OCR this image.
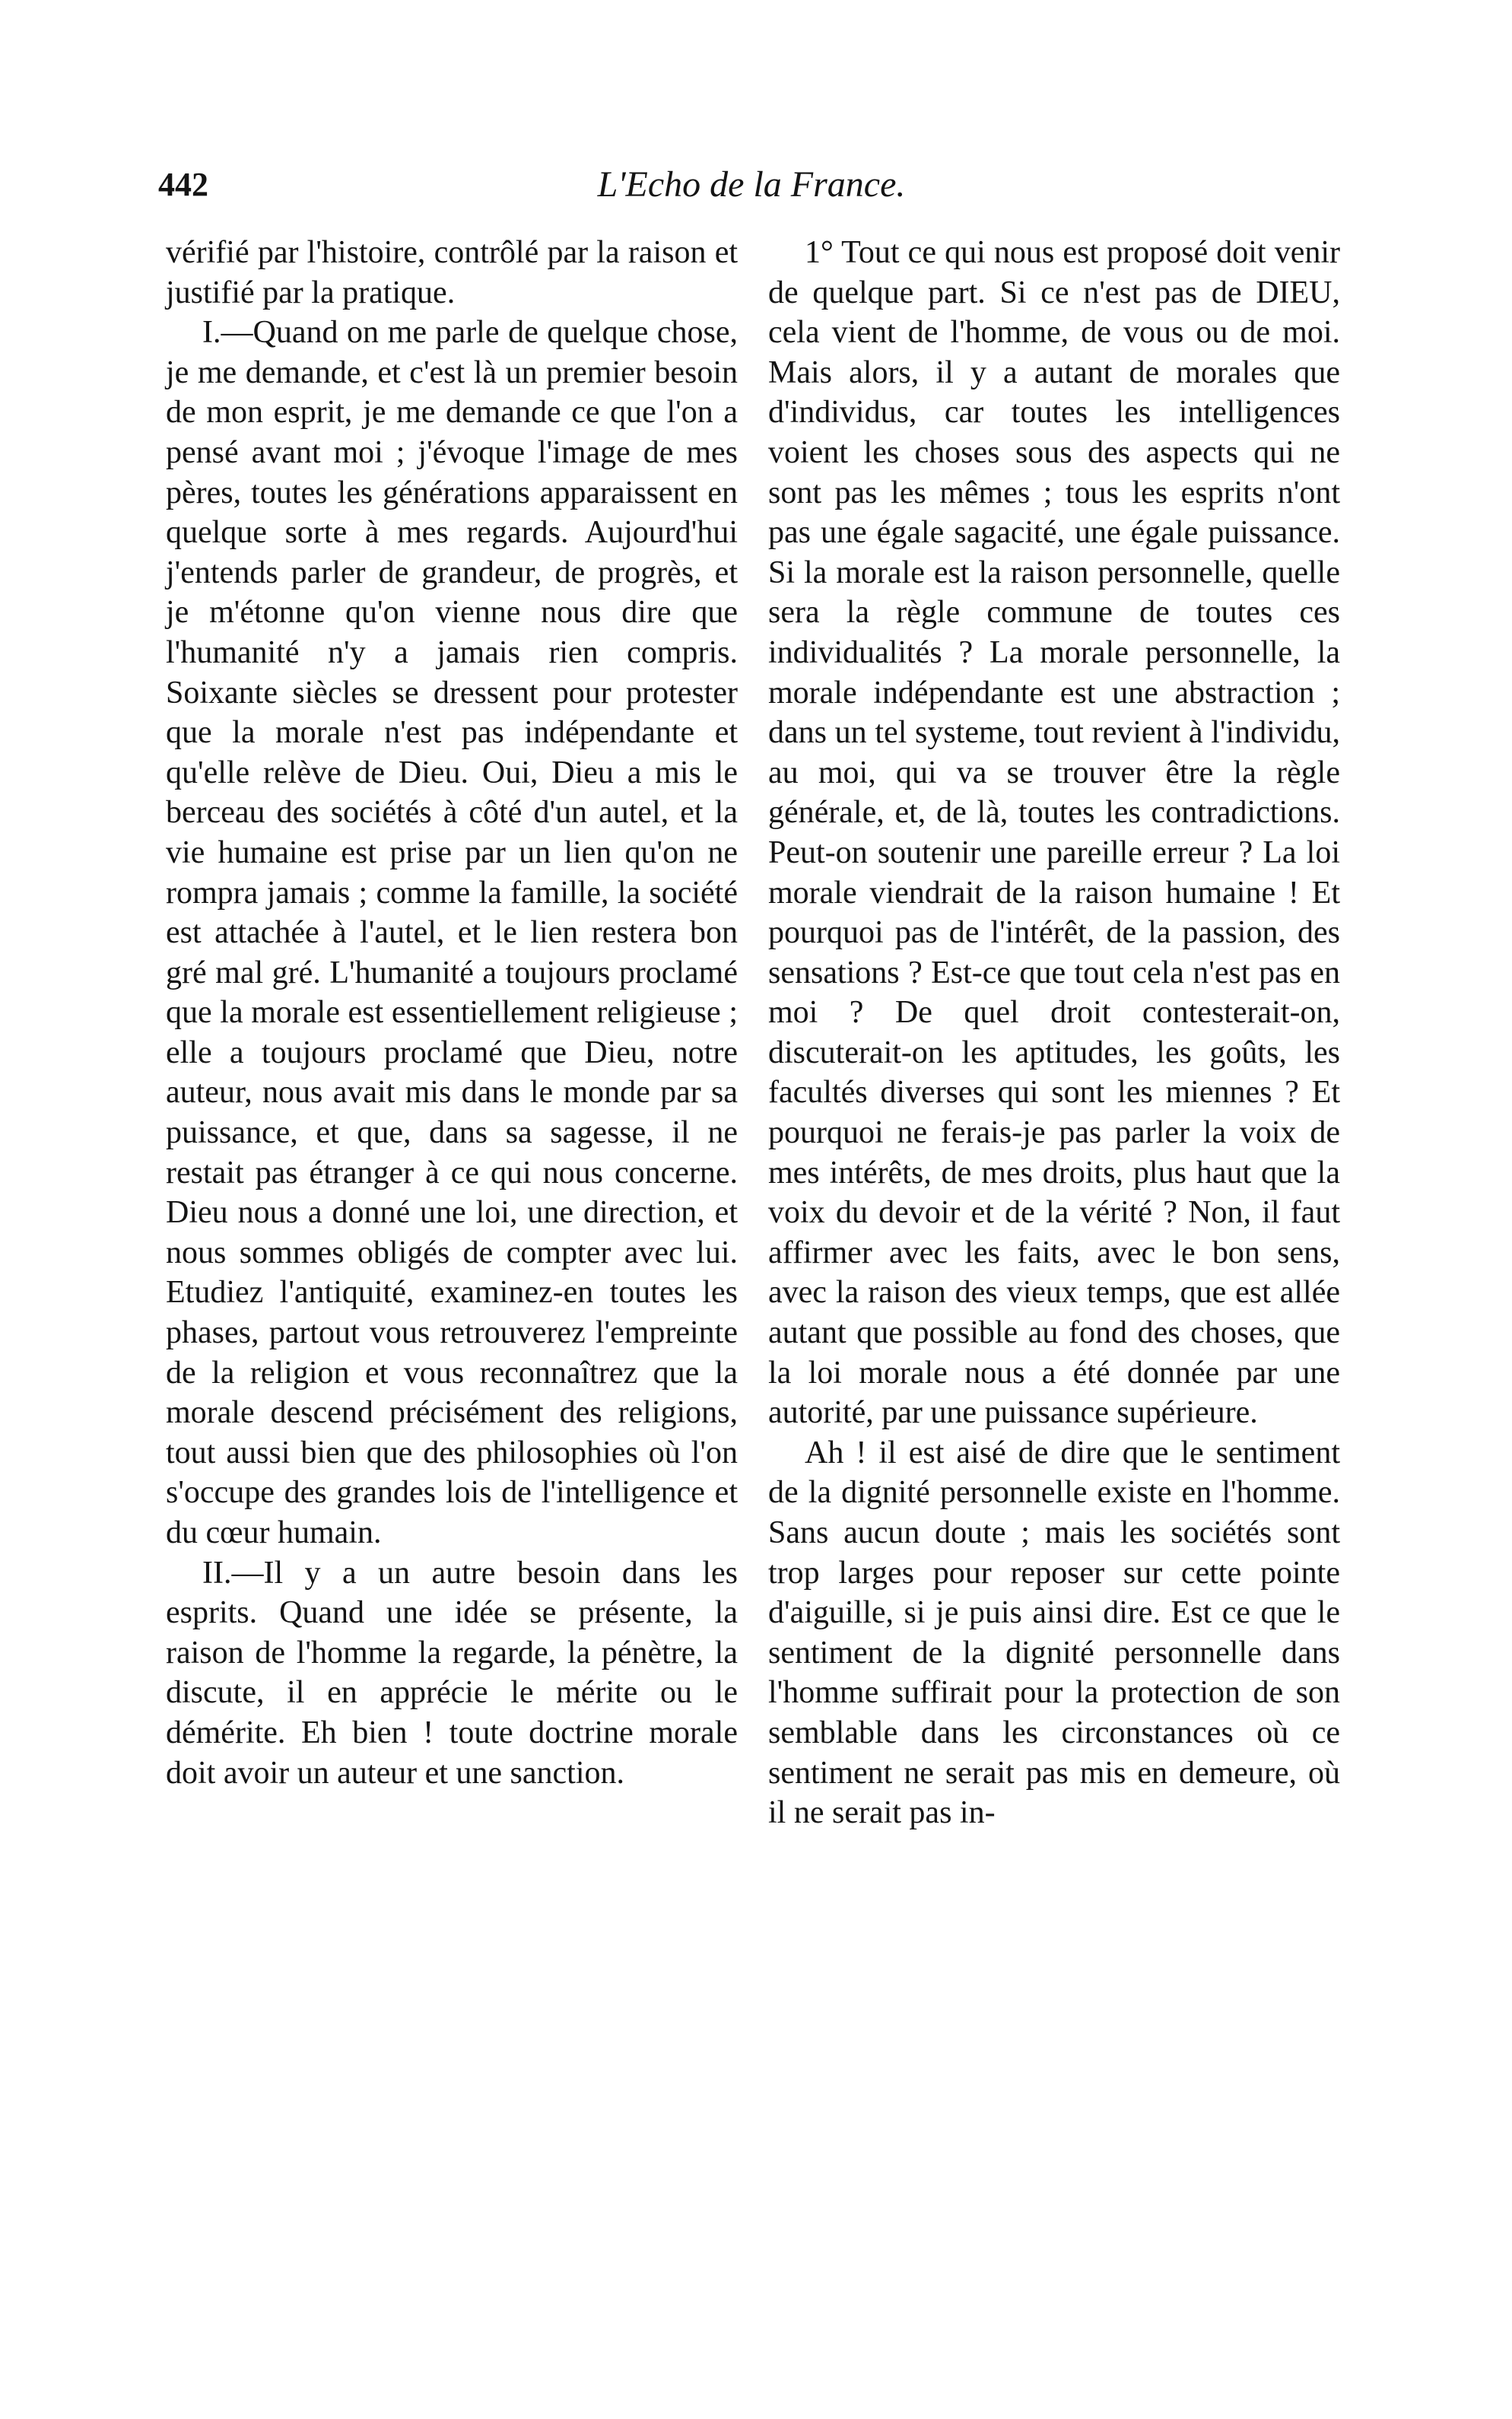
442	L'Echo de la France.

vérifié par l'histoire, contrôlé par la raison et justifié par la pratique.

I.—Quand on me parle de quelque chose, je me demande, et c'est là un premier besoin de mon esprit, je me demande ce que l'on a pensé avant moi ; j'évoque l'image de mes pères, toutes les générations apparaissent en quelque sorte à mes regards. Aujourd'hui j'entends parler de grandeur, de progrès, et je m'étonne qu'on vienne nous dire que l'humanité n'y a jamais rien compris. Soixante siècles se dressent pour protester que la morale n'est pas indépendante et qu'elle relève de Dieu. Oui, Dieu a mis le berceau des sociétés à côté d'un autel, et la vie humaine est prise par un lien qu'on ne rompra jamais ; comme la famille, la société est attachée à l'autel, et le lien restera bon gré mal gré. L'humanité a toujours proclamé que la morale est essentiellement religieuse ; elle a toujours proclamé que Dieu, notre auteur, nous avait mis dans le monde par sa puissance, et que, dans sa sagesse, il ne restait pas étranger à ce qui nous concerne. Dieu nous a donné une loi, une direction, et nous sommes obligés de compter avec lui. Etudiez l'antiquité, examinez-en toutes les phases, partout vous retrouverez l'empreinte de la religion et vous reconnaîtrez que la morale descend précisément des religions, tout aussi bien que des philosophies où l'on s'occupe des grandes lois de l'intelligence et du cœur humain.

II.—Il y a un autre besoin dans les esprits. Quand une idée se présente, la raison de l'homme la regarde, la pénètre, la discute, il en apprécie le mérite ou le démérite. Eh bien ! toute doctrine morale doit avoir un auteur et une sanction.

1° Tout ce qui nous est proposé doit venir de quelque part. Si ce n'est pas de DIEU, cela vient de l'homme, de vous ou de moi. Mais alors, il y a autant de morales que d'individus, car toutes les intelligences voient les choses sous des aspects qui ne sont pas les mêmes ; tous les esprits n'ont pas une égale sagacité, une égale puissance. Si la morale est la raison personnelle, quelle sera la règle commune de toutes ces individualités ? La morale personnelle, la morale indépendante est une abstraction ; dans un tel systeme, tout revient à l'individu, au moi, qui va se trouver être la règle générale, et, de là, toutes les contradictions. Peut-on soutenir une pareille erreur ? La loi morale viendrait de la raison humaine ! Et pourquoi pas de l'intérêt, de la passion, des sensations ? Est-ce que tout cela n'est pas en moi ? De quel droit contesterait-on, discuterait-on les aptitudes, les goûts, les facultés diverses qui sont les miennes ? Et pourquoi ne ferais-je pas parler la voix de mes intérêts, de mes droits, plus haut que la voix du devoir et de la vérité ? Non, il faut affirmer avec les faits, avec le bon sens, avec la raison des vieux temps, que est allée autant que possible au fond des choses, que la loi morale nous a été donnée par une autorité, par une puissance supérieure.

Ah ! il est aisé de dire que le sentiment de la dignité personnelle existe en l'homme. Sans aucun doute ; mais les sociétés sont trop larges pour reposer sur cette pointe d'aiguille, si je puis ainsi dire. Est ce que le sentiment de la dignité personnelle dans l'homme suffirait pour la protection de son semblable dans les circonstances où ce sentiment ne serait pas mis en demeure, où il ne serait pas in-
